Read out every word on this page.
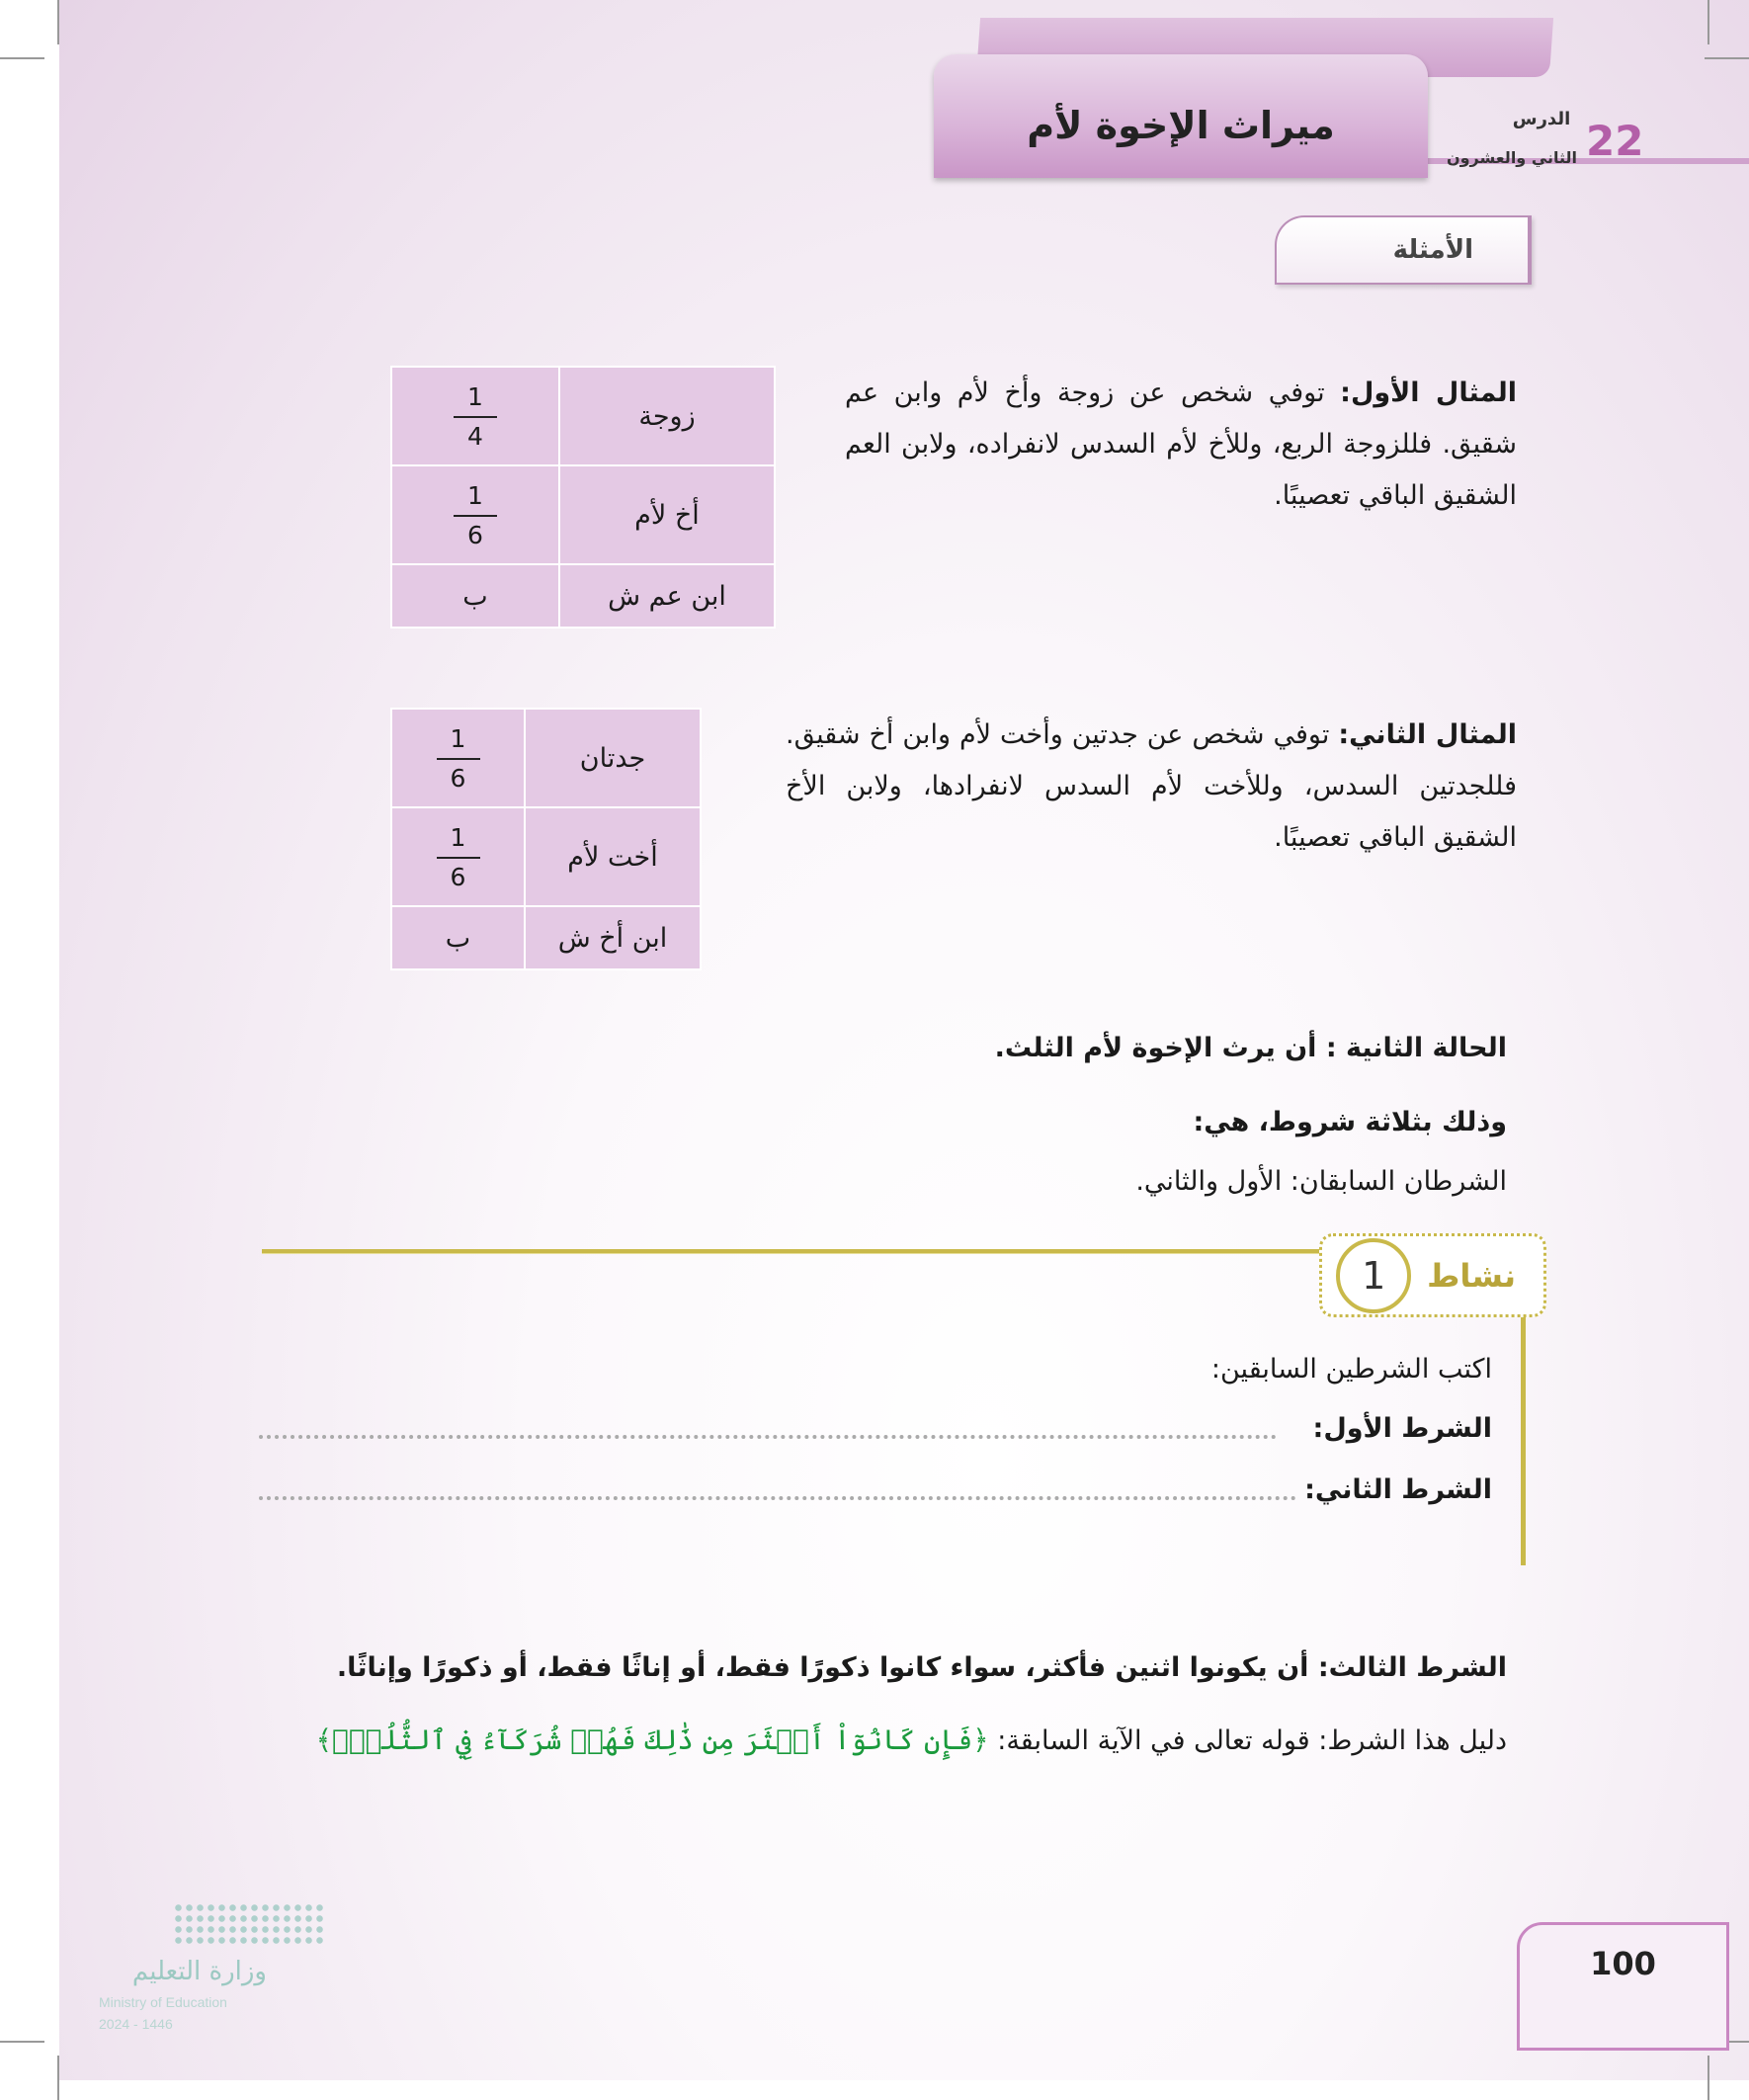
ميراث الإخوة لأم	22
الدرس
الثاني والعشرون
الأمثلة

المثال الأول: توفي شخص عن زوجة وأخ لأم وابن عم شقيق. فللزوجة الربع، وللأخ لأم السدس لانفراده، ولابن العم الشقيق الباقي تعصيبًا.

زوجة	$\frac{1}{4}$

أخ لأم	$\frac{1}{6}$

ابن عم ش	ب

المثال الثاني: توفي شخص عن جدتين وأخت لأم وابن أخ شقيق. فللجدتين السدس، وللأخت لأم السدس لانفرادها، ولابن الأخ الشقيق الباقي تعصيبًا.

جدتان	$\frac{1}{6}$

أخت لأم	$\frac{1}{6}$

ابن أخ ش	ب

الحالة الثانية : أن يرث الإخوة لأم الثلث.

وذلك بثلاثة شروط، هي:

الشرطان السابقان: الأول والثاني.

1	نشاط

اكتب الشرطين السابقين:

الشرط الأول:

الشرط الثاني:

الشرط الثالث: أن يكونوا اثنين فأكثر، سواء كانوا ذكورًا فقط، أو إناثًا فقط، أو ذكورًا وإناثًا.

دليل هذا الشرط: قوله تعالى في الآية السابقة: ﴿فَإِن كَانُوٓاْ أَكۡثَرَ مِن ذَٰلِكَ فَهُمۡ شُرَكَآءُ فِي ٱلثُّلُثِۚ﴾

وزارة التعليم
Ministry of Education
2024 - 1446
100
